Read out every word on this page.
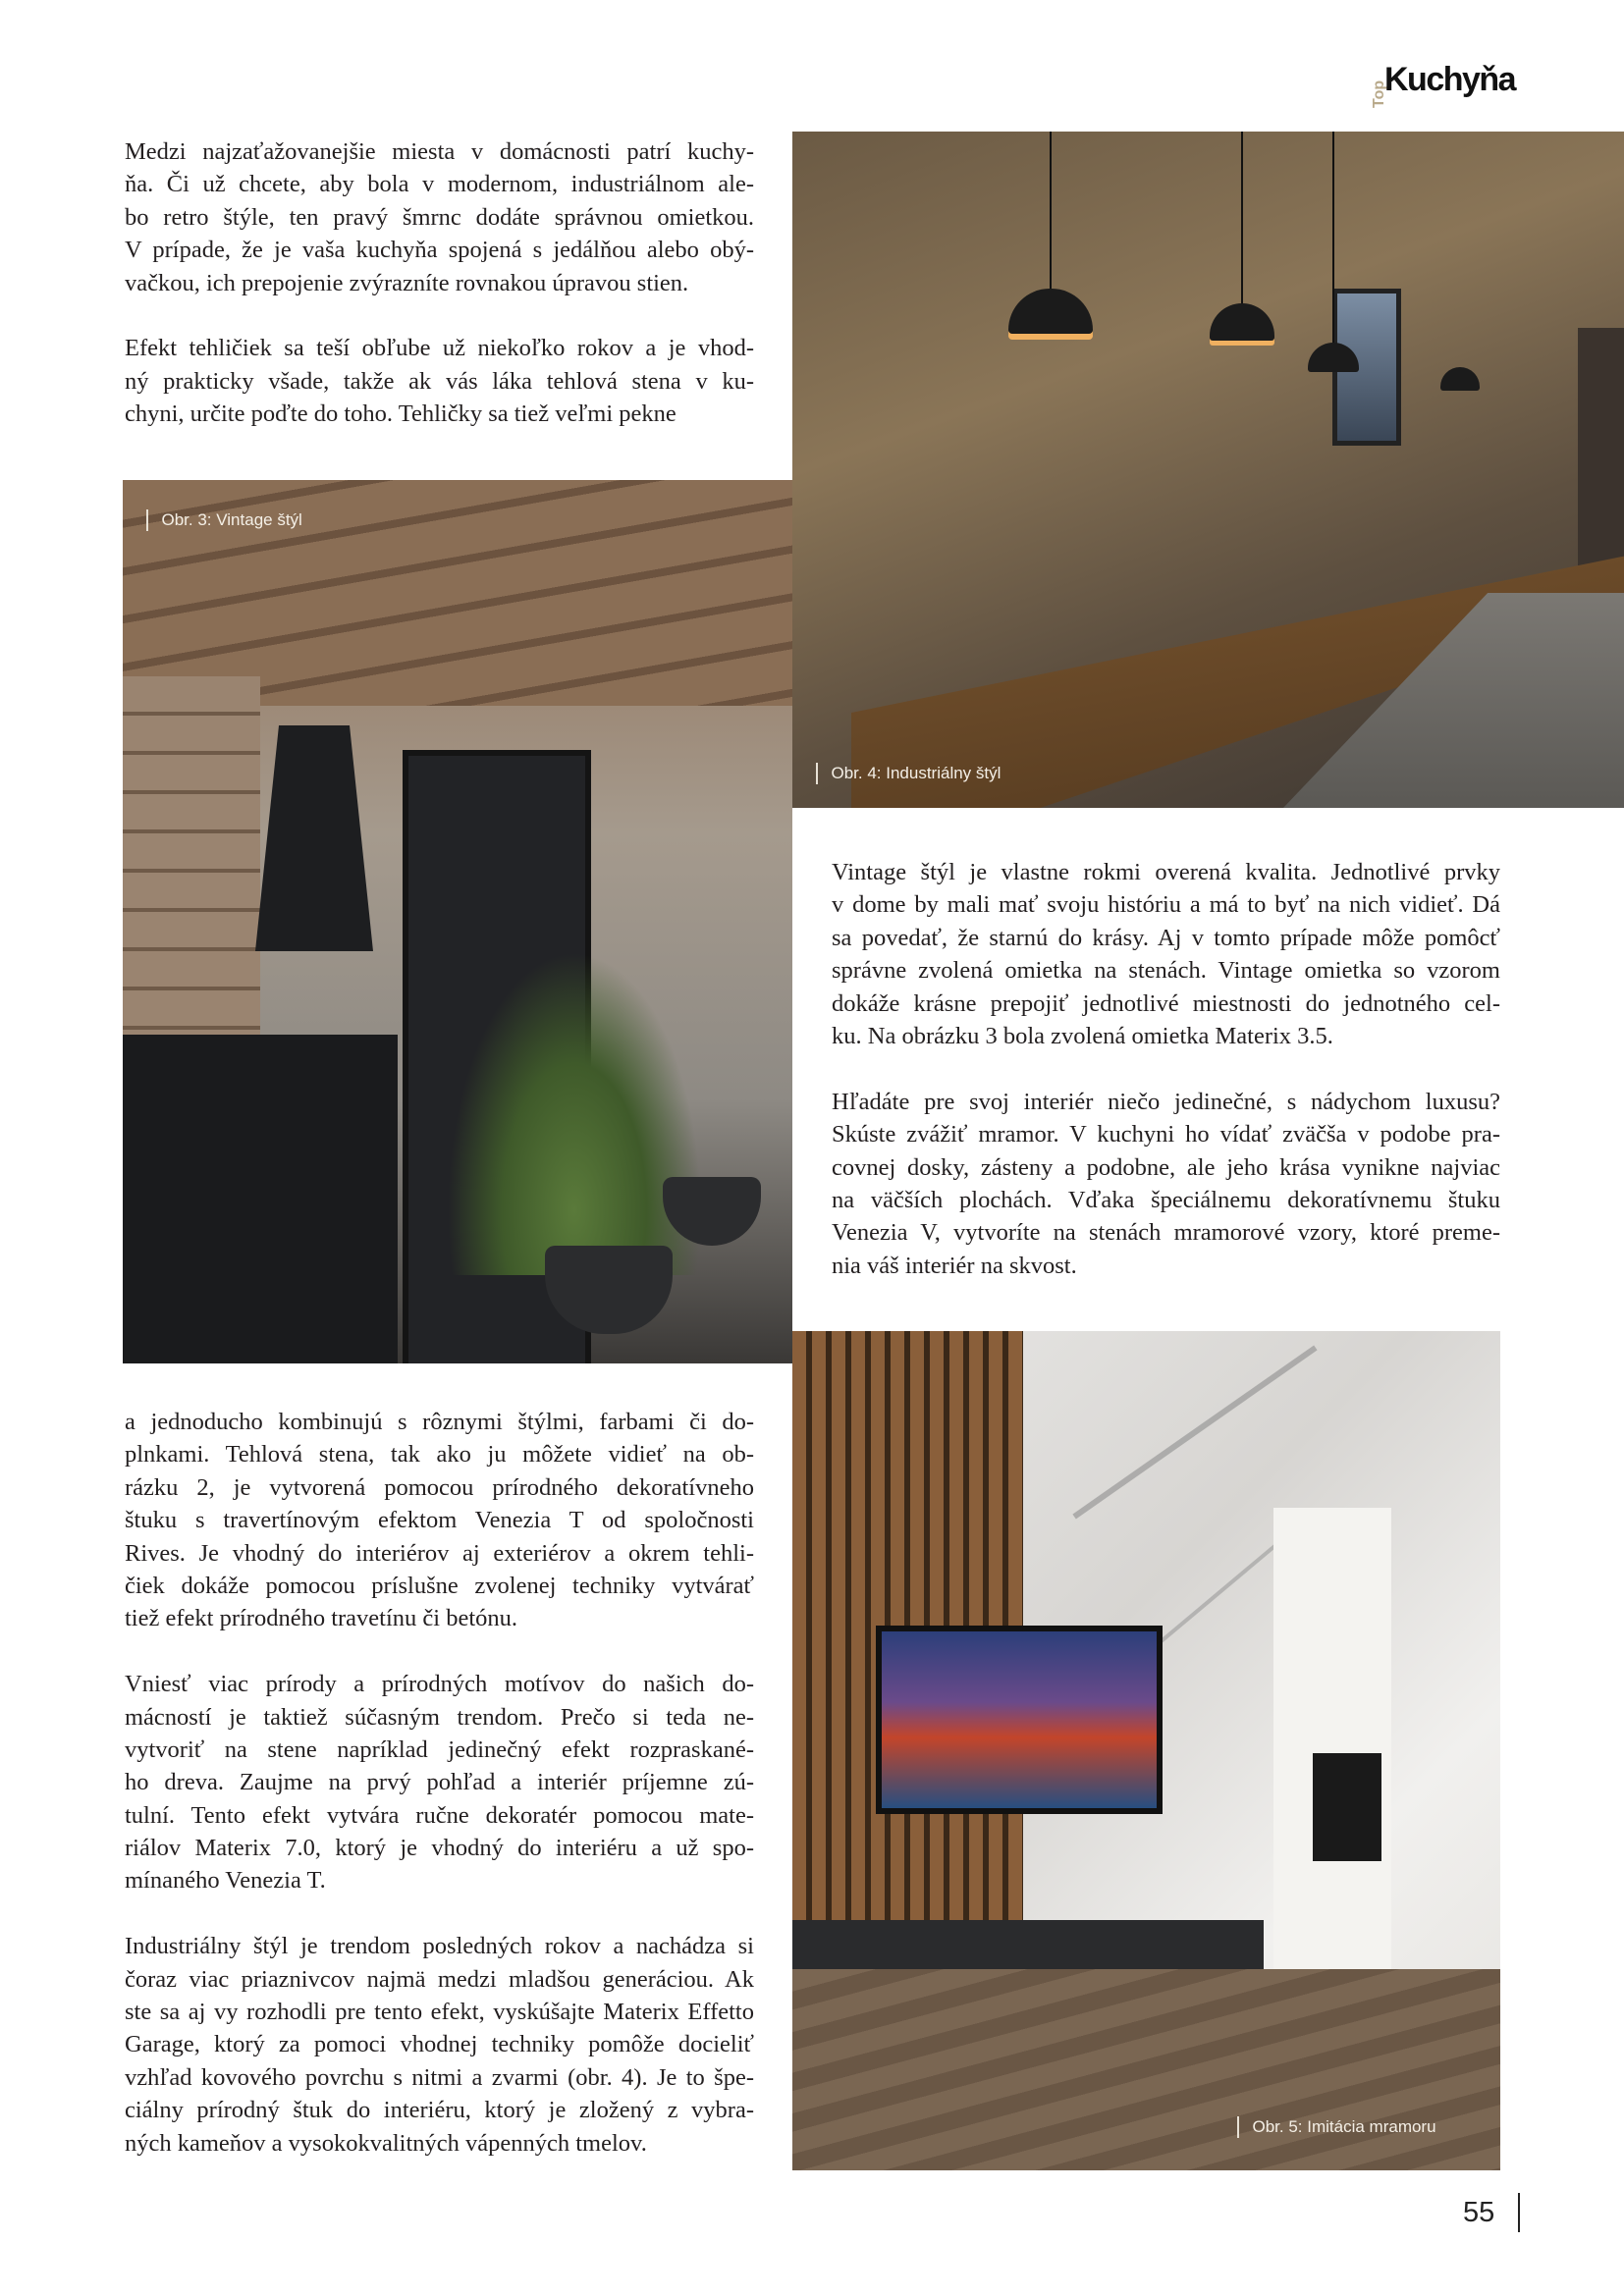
Top
Kuchyňa
Medzi najzaťažovanejšie miesta v domácnosti patrí kuchy-
ňa. Či už chcete, aby bola v modernom, industriálnom ale-
bo retro štýle, ten pravý šmrnc dodáte správnou omietkou.
V prípade, že je vaša kuchyňa spojená s jedálňou alebo obý-
vačkou, ich prepojenie zvýrazníte rovnakou úpravou stien.
Efekt tehličiek sa teší obľube už niekoľko rokov a je vhod-
ný prakticky všade, takže ak vás láka tehlová stena v ku-
chyni, určite poďte do toho. Tehličky sa tiež veľmi pekne
a jednoducho kombinujú s rôznymi štýlmi, farbami či do-
plnkami. Tehlová stena, tak ako ju môžete vidieť na ob-
rázku 2, je vytvorená pomocou prírodného dekoratívneho
štuku s travertínovým efektom Venezia T od spoločnosti
Rives. Je vhodný do interiérov aj exteriérov a okrem tehli-
čiek dokáže pomocou príslušne zvolenej techniky vytvárať
tiež efekt prírodného travetínu či betónu.
Vniesť viac prírody a prírodných motívov do našich do-
mácností je taktiež súčasným trendom. Prečo si teda ne-
vytvoriť na stene napríklad jedinečný efekt rozpraskané-
ho dreva. Zaujme na prvý pohľad a interiér príjemne zú-
tulní. Tento efekt vytvára ručne dekoratér pomocou mate-
riálov Materix 7.0, ktorý je vhodný do interiéru a už spo-
mínaného Venezia T.
Industriálny štýl je trendom posledných rokov a nachádza si
čoraz viac priaznivcov najmä medzi mladšou generáciou. Ak
ste sa aj vy rozhodli pre tento efekt, vyskúšajte Materix Effetto
Garage, ktorý za pomoci vhodnej techniky pomôže docieliť
vzhľad kovového povrchu s nitmi a zvarmi (obr. 4). Je to špe-
ciálny prírodný štuk do interiéru, ktorý je zložený z vybra-
ných kameňov a vysokokvalitných vápenných tmelov.
Vintage štýl je vlastne rokmi overená kvalita. Jednotlivé prvky
v dome by mali mať svoju históriu a má to byť na nich vidieť. Dá
sa povedať, že starnú do krásy. Aj v tomto prípade môže pomôcť
správne zvolená omietka na stenách. Vintage omietka so vzorom
dokáže krásne prepojiť jednotlivé miestnosti do jednotného cel-
ku. Na obrázku 3 bola zvolená omietka Materix 3.5.
Hľadáte pre svoj interiér niečo jedinečné, s nádychom luxusu?
Skúste zvážiť mramor. V kuchyni ho vídať zväčša v podobe pra-
covnej dosky, zásteny a podobne, ale jeho krása vynikne najviac
na väčších plochách. Vďaka špeciálnemu dekoratívnemu štuku
Venezia V, vytvoríte na stenách mramorové vzory, ktoré preme-
nia váš interiér na skvost.
Obr. 4: Industriálny štýl
Obr. 3: Vintage štýl
Obr. 5: Imitácia mramoru
55
